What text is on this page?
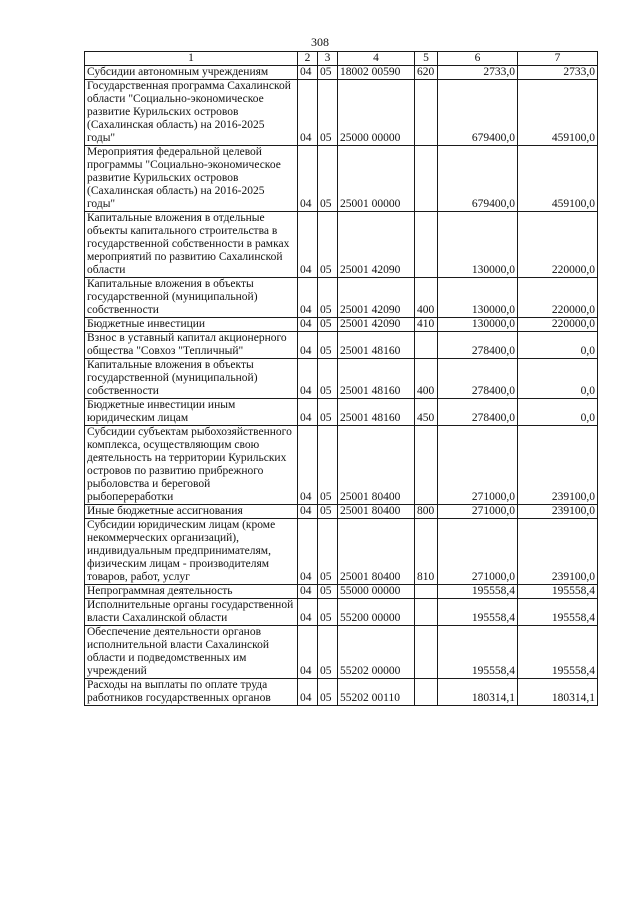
308
1	2	3	4	5	6	7
Субсидии автономным учреждениям	04	05	18002 00590	620	2733,0	2733,0
Государственная программа Сахалинской области "Социально-экономическое развитие Курильских островов (Сахалинская область) на 2016-2025 годы"	04	05	25000 00000		679400,0	459100,0
Мероприятия федеральной целевой программы "Социально-экономическое развитие Курильских островов (Сахалинская область) на 2016-2025 годы"	04	05	25001 00000		679400,0	459100,0
Капитальные вложения в отдельные объекты капитального строительства в государственной собственности в рамках мероприятий по развитию Сахалинской области	04	05	25001 42090		130000,0	220000,0
Капитальные вложения в объекты государственной (муниципальной) собственности	04	05	25001 42090	400	130000,0	220000,0
Бюджетные инвестиции	04	05	25001 42090	410	130000,0	220000,0
Взнос в уставный капитал акционерного общества "Совхоз "Тепличный"	04	05	25001 48160		278400,0	0,0
Капитальные вложения в объекты государственной (муниципальной) собственности	04	05	25001 48160	400	278400,0	0,0
Бюджетные инвестиции иным юридическим лицам	04	05	25001 48160	450	278400,0	0,0
Субсидии субъектам рыбохозяйственного комплекса, осуществляющим свою деятельность на территории Курильских островов по развитию прибрежного рыболовства и береговой рыбопереработки	04	05	25001 80400		271000,0	239100,0
Иные бюджетные ассигнования	04	05	25001 80400	800	271000,0	239100,0
Субсидии юридическим лицам (кроме некоммерческих организаций), индивидуальным предпринимателям, физическим лицам - производителям товаров, работ, услуг	04	05	25001 80400	810	271000,0	239100,0
Непрограммная деятельность	04	05	55000 00000		195558,4	195558,4
Исполнительные органы государственной власти Сахалинской области	04	05	55200 00000		195558,4	195558,4
Обеспечение деятельности органов исполнительной власти Сахалинской области и подведомственных им учреждений	04	05	55202 00000		195558,4	195558,4
Расходы на выплаты по оплате труда работников государственных органов	04	05	55202 00110		180314,1	180314,1
